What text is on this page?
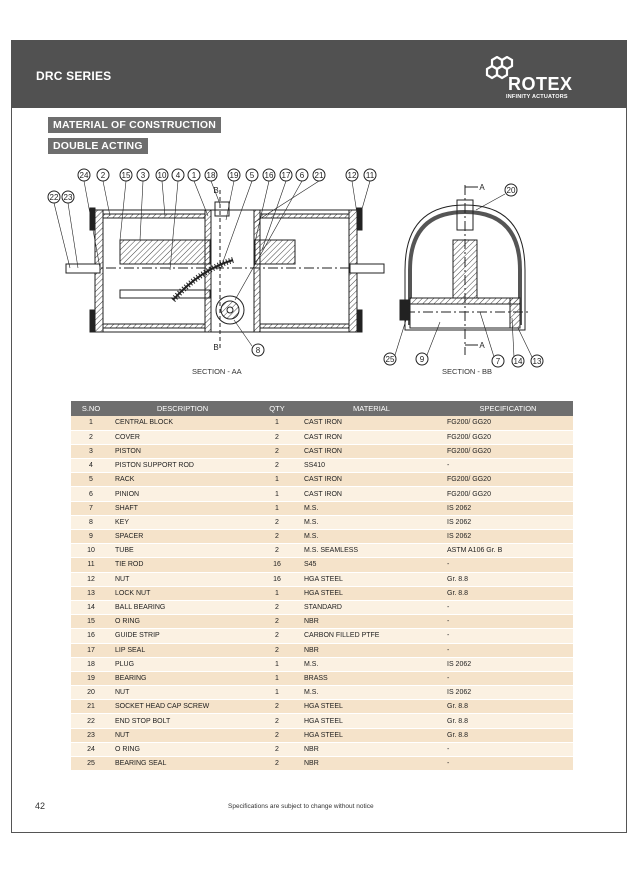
DRC SERIES	ROTEX
INFINITY ACTUATORS
MATERIAL OF CONSTRUCTION
DOUBLE ACTING
24 2 15 3 10 4 1 18 19 5 16 17 6 21	12 11
22 23
8
20
25	9	7 14 13
A
A
B
B
SECTION - AA	SECTION - BB
S.NO	DESCRIPTION	QTY	MATERIAL	SPECIFICATION
1	CENTRAL BLOCK	1	CAST IRON	FG200/ GG20
2	COVER	2	CAST IRON	FG200/ GG20
3	PISTON	2	CAST IRON	FG200/ GG20
4	PISTON SUPPORT ROD	2	SS410	-
5	RACK	1	CAST IRON	FG200/ GG20
6	PINION	1	CAST IRON	FG200/ GG20
7	SHAFT	1	M.S.	IS 2062
8	KEY	2	M.S.	IS 2062
9	SPACER	2	M.S.	IS 2062
10	TUBE	2	M.S. SEAMLESS	ASTM A106 Gr. B
11	TIE ROD	16	S45	-
12	NUT	16	HGA STEEL	Gr. 8.8
13	LOCK NUT	1	HGA STEEL	Gr. 8.8
14	BALL BEARING	2	STANDARD	-
15	O RING	2	NBR	-
16	GUIDE STRIP	2	CARBON FILLED PTFE	-
17	LIP SEAL	2	NBR	-
18	PLUG	1	M.S.	IS 2062
19	BEARING	1	BRASS	-
20	NUT	1	M.S.	IS 2062
21	SOCKET HEAD CAP SCREW	2	HGA STEEL	Gr. 8.8
22	END STOP BOLT	2	HGA STEEL	Gr. 8.8
23	NUT	2	HGA STEEL	Gr. 8.8
24	O RING	2	NBR	-
25	BEARING SEAL	2	NBR	-
42	Specifications are subject to change without notice
